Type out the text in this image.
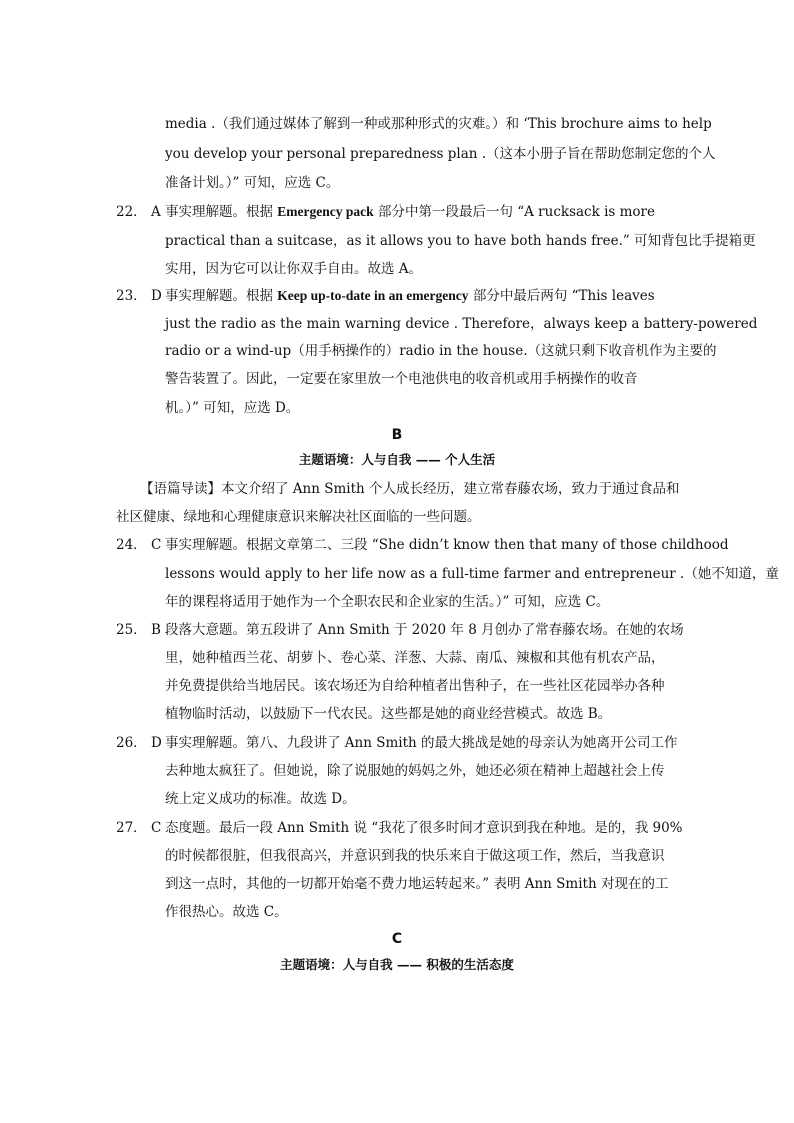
media .（我们通过媒体了解到一种或那种形式的灾难。）和 ‘This brochure aims to help
you develop your personal preparedness plan .（这本小册子旨在帮助您制定您的个人
准备计划。）” 可知，应选 C。
22． A 事实理解题。根据 Emergency pack 部分中第一段最后一句 “A rucksack is more
practical than a suitcase，as it allows you to have both hands free.” 可知背包比手提箱更
实用，因为它可以让你双手自由。故选 A。
23． D 事实理解题。根据 Keep up-to-date in an emergency 部分中最后两句 “This leaves
just the radio as the main warning device . Therefore，always keep a battery-powered
radio or a wind-up（用手柄操作的）radio in the house.（这就只剩下收音机作为主要的
警告装置了。因此，一定要在家里放一个电池供电的收音机或用手柄操作的收音
机。）” 可知，应选 D。
B
主题语境：人与自我 —— 个人生活
【语篇导读】本文介绍了 Ann Smith 个人成长经历，建立常春藤农场，致力于通过食品和
社区健康、绿地和心理健康意识来解决社区面临的一些问题。
24． C 事实理解题。根据文章第二、三段 “She didn’t know then that many of those childhood
lessons would apply to her life now as a full-time farmer and entrepreneur .（她不知道，童
年的课程将适用于她作为一个全职农民和企业家的生活。）” 可知，应选 C。
25． B 段落大意题。第五段讲了 Ann Smith 于 2020 年 8 月创办了常春藤农场。在她的农场
里，她种植西兰花、胡萝卜、卷心菜、洋葱、大蒜、南瓜、辣椒和其他有机农产品，
并免费提供给当地居民。该农场还为自给种植者出售种子，在一些社区花园举办各种
植物临时活动，以鼓励下一代农民。这些都是她的商业经营模式。故选 B。
26． D 事实理解题。第八、九段讲了 Ann Smith 的最大挑战是她的母亲认为她离开公司工作
去种地太疯狂了。但她说，除了说服她的妈妈之外，她还必须在精神上超越社会上传
统上定义成功的标准。故选 D。
27． C 态度题。最后一段 Ann Smith 说 “我花了很多时间才意识到我在种地。是的，我 90%
的时候都很脏，但我很高兴，并意识到我的快乐来自于做这项工作，然后，当我意识
到这一点时，其他的一切都开始毫不费力地运转起来。” 表明 Ann Smith 对现在的工
作很热心。故选 C。
C
主题语境：人与自我 —— 积极的生活态度
